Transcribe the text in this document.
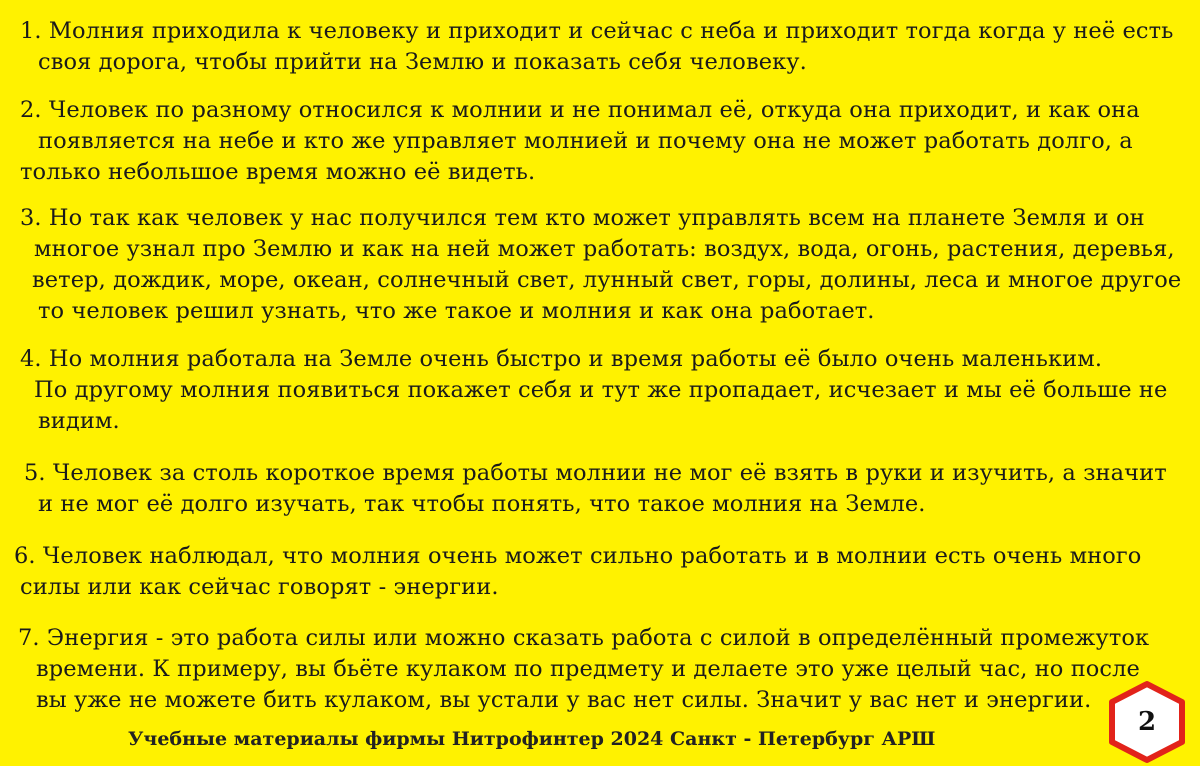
1. Молния приходила к человеку и приходит и сейчас с неба и приходит тогда когда у неё есть
своя дорога, чтобы прийти на Землю и показать себя человеку.

2. Человек по разному относился к молнии и не понимал её, откуда она приходит, и как она
появляется на небе и кто же управляет молнией и почему она не может работать долго, а
только небольшое время можно её видеть.

3. Но так как человек у нас получился тем кто может управлять всем на планете Земля и он
многое узнал про Землю и как на ней может работать: воздух, вода, огонь, растения, деревья,
ветер, дождик, море, океан, солнечный свет, лунный свет, горы, долины, леса и многое другое
то человек решил узнать, что же такое и молния и как она работает.

4. Но молния работала на Земле очень быстро и время работы её было очень маленьким.
По другому молния появиться покажет себя и тут же пропадает, исчезает и мы её больше не
видим.

5. Человек за столь короткое время работы молнии не мог её взять в руки и изучить, а значит
и не мог её долго изучать, так чтобы понять, что такое молния на Земле.

6. Человек наблюдал, что молния очень может сильно работать и в молнии есть очень много
силы или как сейчас говорят - энергии.

7. Энергия - это работа силы или можно сказать работа с силой в определённый промежуток
времени. К примеру, вы бьёте кулаком по предмету и делаете это уже целый час, но после
вы уже не можете бить кулаком, вы устали у вас нет силы. Значит у вас нет и энергии.

Учебные материалы фирмы Нитрофинтер 2024 Санкт - Петербург АРШ
2
